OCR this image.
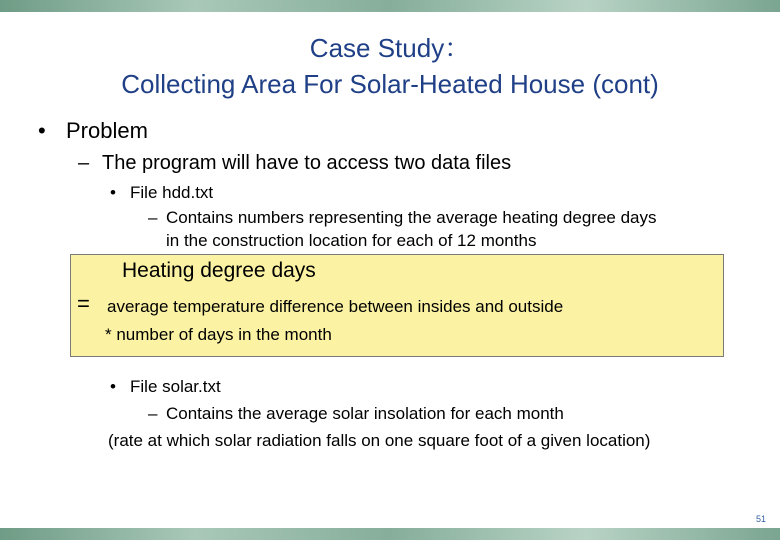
Case Study：
Collecting Area For Solar-Heated House (cont)
• Problem
– The program will have to access two data files
• File hdd.txt
– Contains numbers representing the average heating degree days
in the construction location for each of 12 months
Heating degree days
= average temperature difference between insides and outside
* number of days in the month
• File solar.txt
– Contains the average solar insolation for each month
(rate at which solar radiation falls on one square foot of a given location)
51
